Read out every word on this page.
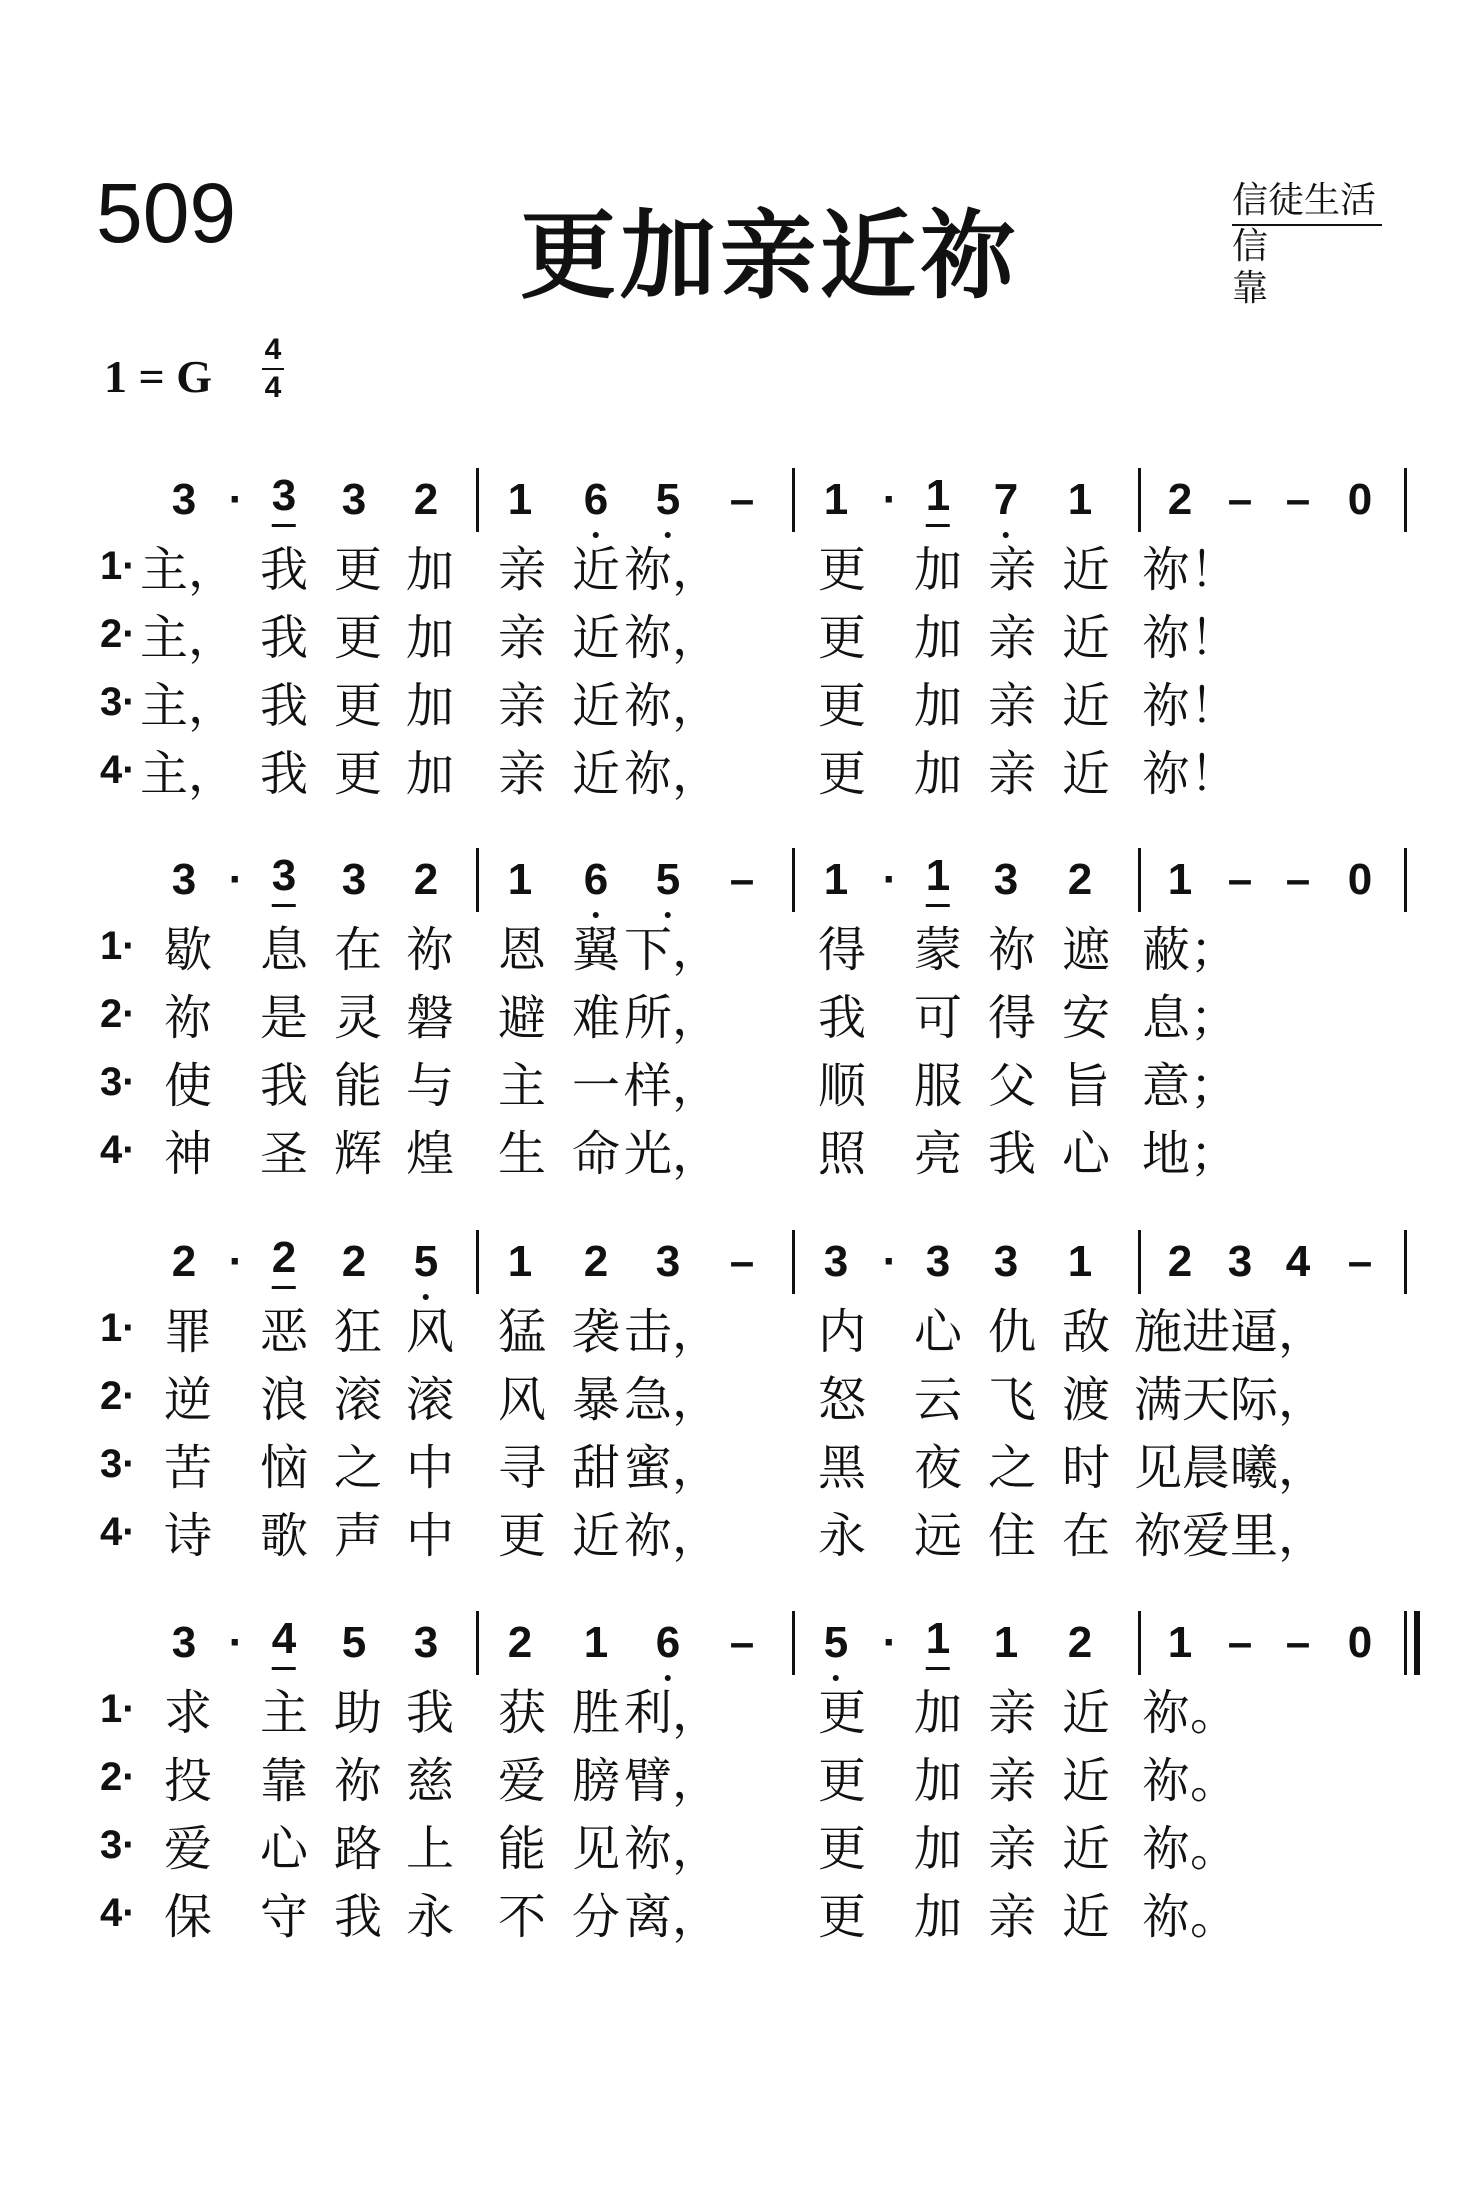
509	更加亲近祢	信徒生活
信靠
1 = G
4
4
3 · 3 3 2 1 6 5 – 1 · 1 7 1 2 – – 0
1· 主， 我 更 加 亲 近 祢， 更 加 亲 近 祢！
2· 主， 我 更 加 亲 近 祢， 更 加 亲 近 祢！
3· 主， 我 更 加 亲 近 祢， 更 加 亲 近 祢！
4· 主， 我 更 加 亲 近 祢， 更 加 亲 近 祢！
3 · 3 3 2 1 6 5 – 1 · 1 3 2 1 – – 0
1· 歇 息 在 祢 恩 翼 下， 得 蒙 祢 遮 蔽；
2· 祢 是 灵 磐 避 难 所， 我 可 得 安 息；
3· 使 我 能 与 主 一 样， 顺 服 父 旨 意；
4· 神 圣 辉 煌 生 命 光， 照 亮 我 心 地；
2 · 2 2 5 1 2 3 – 3 · 3 3 1 2 3 4 –
1· 罪 恶 狂 风 猛 袭 击， 内 心 仇 敌 施进逼，
2· 逆 浪 滚 滚 风 暴 急， 怒 云 飞 渡 满天际，
3· 苦 恼 之 中 寻 甜 蜜， 黑 夜 之 时 见晨曦，
4· 诗 歌 声 中 更 近 祢， 永 远 住 在 祢爱里，
3 · 4 5 3 2 1 6 – 5 · 1 1 2 1 – – 0
1· 求 主 助 我 获 胜 利， 更 加 亲 近 祢。
2· 投 靠 祢 慈 爱 膀 臂， 更 加 亲 近 祢。
3· 爱 心 路 上 能 见 祢， 更 加 亲 近 祢。
4· 保 守 我 永 不 分 离， 更 加 亲 近 祢。
